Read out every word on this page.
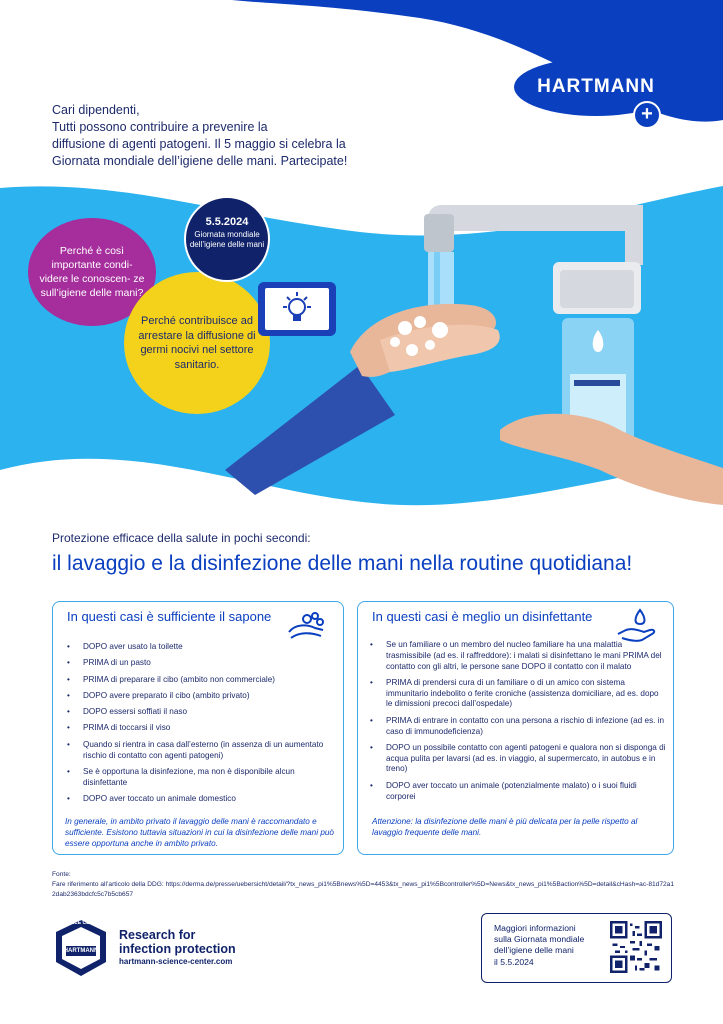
HARTMANN
+

Cari dipendenti,

Tutti possono contribuire a prevenire la

diffusione di agenti patogeni. Il 5 maggio si celebra la

Giornata mondiale dell’igiene delle mani. Partecipate!

Perché è così importante condi- videre le conoscen- ze sull’igiene delle mani?
Perché contribuisce ad arrestare la diffusione di germi nocivi nel settore sanitario.
5.5.2024
Giornata mondiale dell’igiene delle mani
Protezione efficace della salute in pochi secondi:
il lavaggio e la disinfezione delle mani nella routine quotidiana!
In questi casi è sufficiente il sapone
• DOPO aver usato la toilette
• PRIMA di un pasto
• PRIMA di preparare il cibo (ambito non commerciale)
• DOPO avere preparato il cibo (ambito privato)
• DOPO essersi soffiati il naso
• PRIMA di toccarsi il viso
• Quando si rientra in casa dall’esterno (in assenza di un aumentato rischio di contatto con agenti patogeni)
• Se è opportuna la disinfezione, ma non è disponibile alcun disinfettante
• DOPO aver toccato un animale domestico
In generale, in ambito privato il lavaggio delle mani è raccomandato e sufficiente. Esistono tuttavia situazioni in cui la disinfezione delle mani può essere opportuna anche in ambito privato.
In questi casi è meglio un disinfettante
• Se un familiare o un membro del nucleo familiare ha una malattia trasmissibile (ad es. il raffreddore): i malati si disinfettano le mani PRIMA del contatto con gli altri, le persone sane DOPO il contatto con il malato
• PRIMA di prendersi cura di un familiare o di un amico con sistema immunitario indebolito o ferite croniche (assistenza domiciliare, ad es. dopo le dimissioni precoci dall’ospedale)
• PRIMA di entrare in contatto con una persona a rischio di infezione (ad es. in caso di immunodeficienza)
• DOPO un possibile contatto con agenti patogeni e qualora non si disponga di acqua pulita per lavarsi (ad es. in viaggio, al supermercato, in autobus e in treno)
• DOPO aver toccato un animale (potenzialmente malato) o i suoi fluidi corporei
Attenzione: la disinfezione delle mani è più delicata per la pelle rispetto al lavaggio frequente delle mani.
Fonte:
Fare riferimento all’articolo della DDG: https://derma.de/presse/uebersicht/detail/?tx_news_pi1%5Bnews%5D=4453&tx_news_pi1%5Bcontroller%5D=News&tx_news_pi1%5Baction%5D=detail&cHash=ac-81d72a12dab2363bdcfc5c7b5cb657
SCIENCE CENTER
HARTMANN
Research for
infection protection
hartmann-science-center.com
Maggiori informazioni
sulla Giornata mondiale
dell’igiene delle mani
il 5.5.2024
